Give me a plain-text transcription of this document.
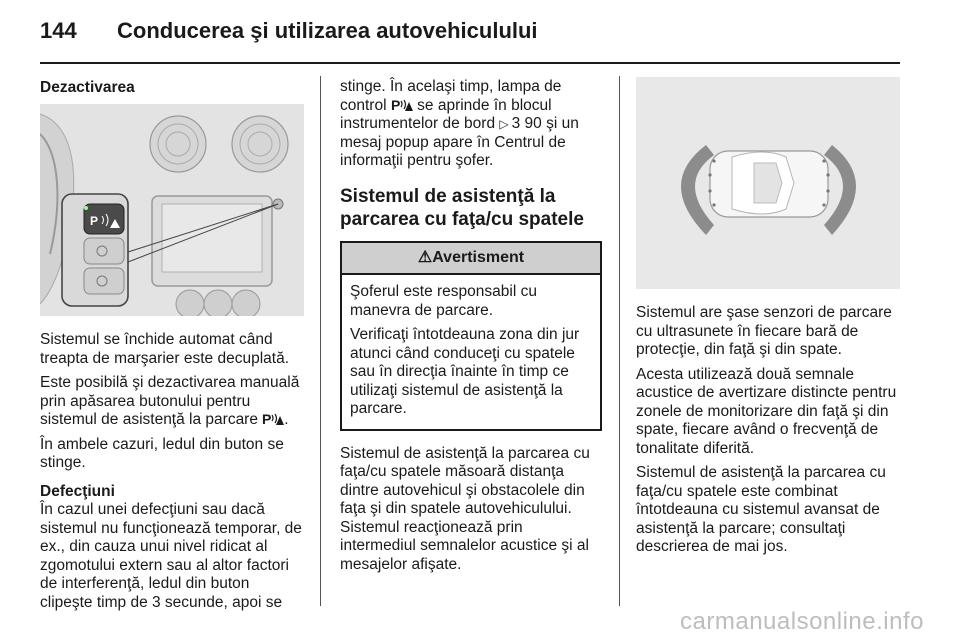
144 Conducerea şi utilizarea autovehiculului
Dezactivarea
P

Sistemul se închide automat când treapta de marşarier este decuplată.

Este posibilă şi dezactivarea manuală prin apăsarea butonului pentru sistemul de asistenţă la parcare P .

În ambele cazuri, ledul din buton se stinge.

Defecţiuni

În cazul unei defecţiuni sau dacă sistemul nu funcţionează temporar, de ex., din cauza unui nivel ridicat al zgomotului extern sau al altor factori de interferenţă, ledul din buton clipeşte timp de 3 secunde, apoi se

stinge. În acelaşi timp, lampa de control P se aprinde în blocul instrumentelor de bord ▷ 3 90 şi un mesaj popup apare în Centrul de informaţii pentru şofer.

Sistemul de asistenţă la parcarea cu faţa/cu spatele
⚠Avertisment

Şoferul este responsabil cu manevra de parcare.

Verificaţi întotdeauna zona din jur atunci când conduceţi cu spatele sau în direcţia înainte în timp ce utilizaţi sistemul de asistenţă la parcare.

Sistemul de asistenţă la parcarea cu faţa/cu spatele măsoară distanţa dintre autovehicul şi obstacolele din faţa şi din spatele autovehiculului. Sistemul reacţionează prin intermediul semnalelor acustice şi al mesajelor afişate.

Sistemul are şase senzori de parcare cu ultrasunete în fiecare bară de protecţie, din faţă şi din spate.

Acesta utilizează două semnale acustice de avertizare distincte pentru zonele de monitorizare din faţă şi din spate, fiecare având o frecvenţă de tonalitate diferită.

Sistemul de asistenţă la parcarea cu faţa/cu spatele este combinat întotdeauna cu sistemul avansat de asistenţă la parcare; consultaţi descrierea de mai jos.

carmanualsonline.info
